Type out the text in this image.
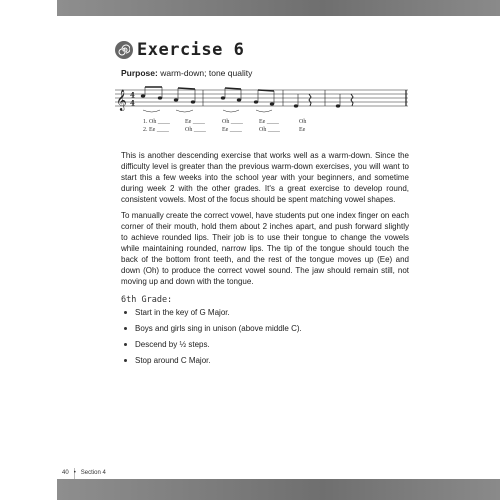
Exercise 6
Purpose: warm-down; tone quality
𝄞 4
4
1. Oh ____	Ee ____	Oh ____	Ee ____	Oh
2. Ee ____	Oh ____	Ee ____	Oh ____	Ee

This is another descending exercise that works well as a warm-down. Since the difficulty level is greater than the previous warm-down exercises, you will want to start this a few weeks into the school year with your beginners, and sometime during week 2 with the other grades. It's a great exercise to develop round, consistent vowels. Most of the focus should be spent matching vowel shapes.

To manually create the correct vowel, have students put one index finger on each corner of their mouth, hold them about 2 inches apart, and push forward slightly to achieve rounded lips. Their job is to use their tongue to change the vowels while maintaining rounded, narrow lips. The tip of the tongue should touch the back of the bottom front teeth, and the rest of the tongue moves up (Ee) and down (Oh) to produce the correct vowel sound. The jaw should remain still, not moving up and down with the tongue.

6th Grade:
Start in the key of G Major.
Boys and girls sing in unison (above middle C).
Descend by ½ steps.
Stop around C Major.
40 • Section 4
